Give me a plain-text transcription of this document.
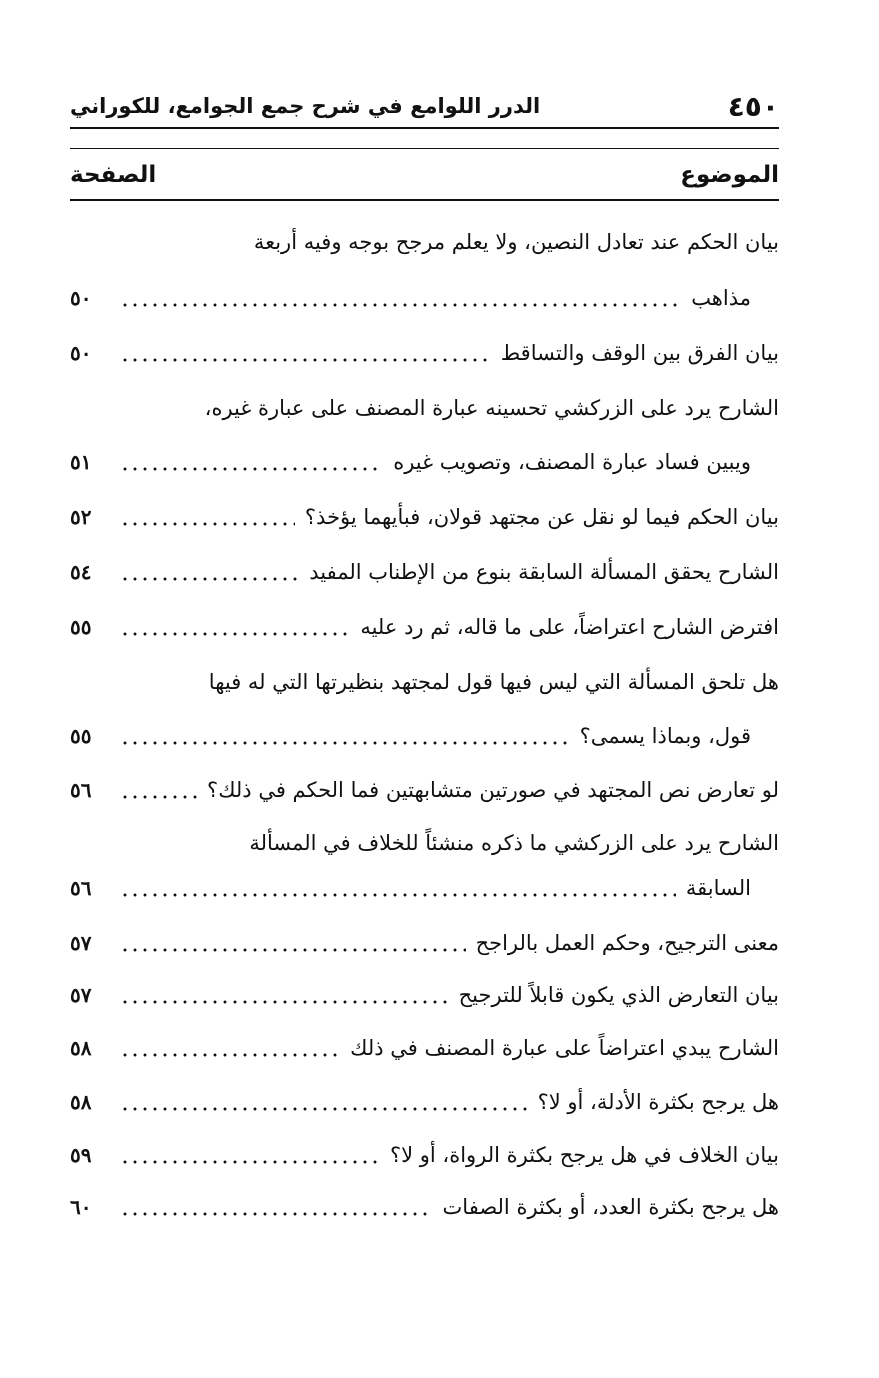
٤٥٠
الدرر اللوامع في شرح جمع الجوامع، للكوراني
الموضوع
الصفحة
بيان الحكم عند تعادل النصين، ولا يعلم مرجح بوجه وفيه أربعة
مذاهب
٥٠
بيان الفرق بين الوقف والتساقط
٥٠
الشارح يرد على الزركشي تحسينه عبارة المصنف على عبارة غيره،
ويبين فساد عبارة المصنف، وتصويب غيره
٥١
بيان الحكم فيما لو نقل عن مجتهد قولان، فبأيهما يؤخذ؟
٥٢
الشارح يحقق المسألة السابقة بنوع من الإطناب المفيد
٥٤
افترض الشارح اعتراضاً، على ما قاله، ثم رد عليه
٥٥
هل تلحق المسألة التي ليس فيها قول لمجتهد بنظيرتها التي له فيها
قول، وبماذا يسمى؟
٥٥
لو تعارض نص المجتهد في صورتين متشابهتين فما الحكم في ذلك؟
٥٦
الشارح يرد على الزركشي ما ذكره منشئاً للخلاف في المسألة
السابقة
٥٦
معنى الترجيح، وحكم العمل بالراجح
٥٧
بيان التعارض الذي يكون قابلاً للترجيح
٥٧
الشارح يبدي اعتراضاً على عبارة المصنف في ذلك
٥٨
هل يرجح بكثرة الأدلة، أو لا؟
٥٨
بيان الخلاف في هل يرجح بكثرة الرواة، أو لا؟
٥٩
هل يرجح بكثرة العدد، أو بكثرة الصفات
٦٠
